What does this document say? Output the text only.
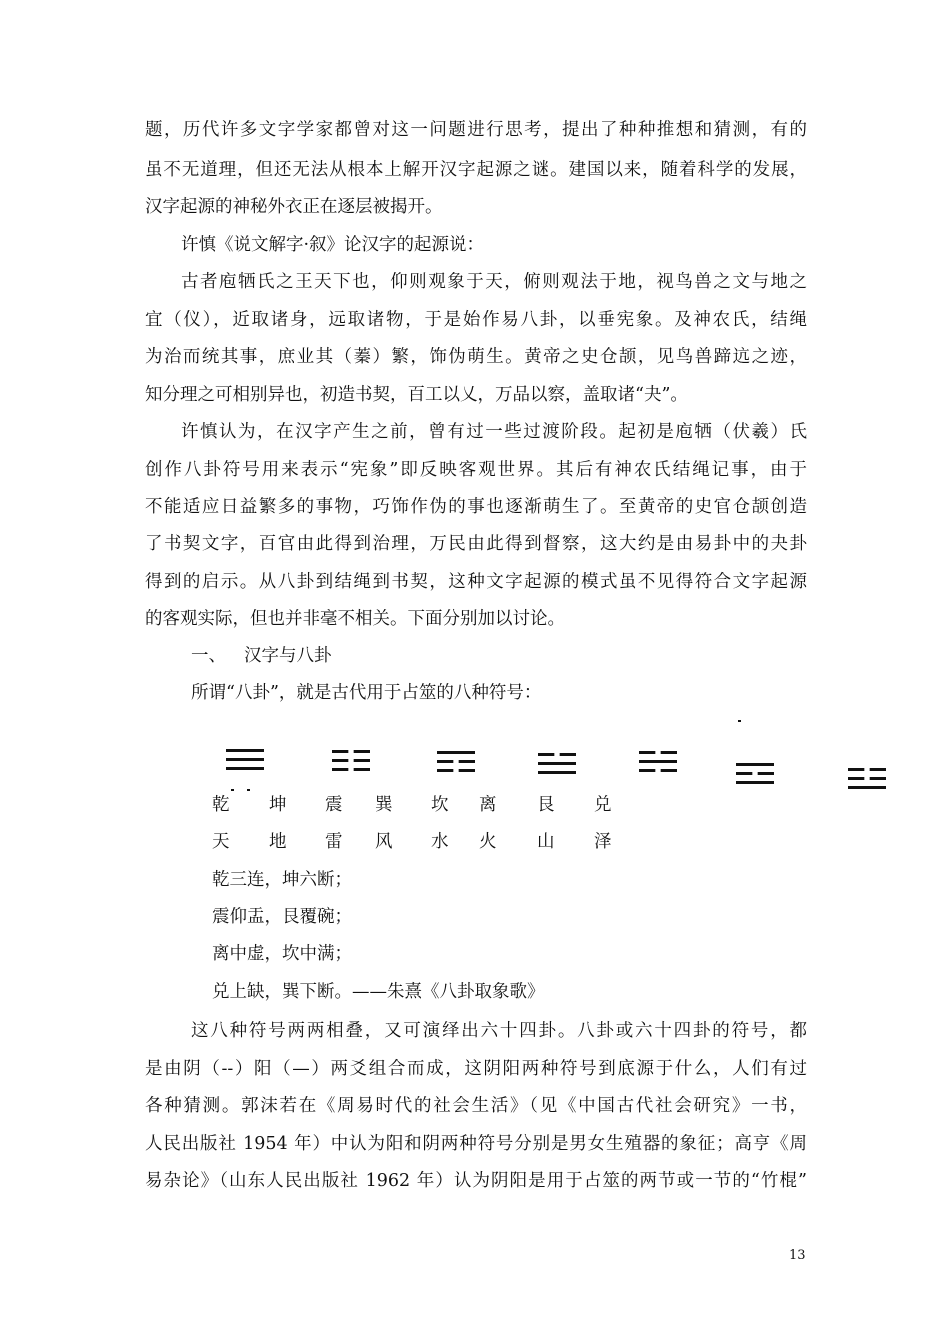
题，历代许多文字学家都曾对这一问题进行思考，提出了种种推想和猜测，有的
虽不无道理，但还无法从根本上解开汉字起源之谜。建国以来，随着科学的发展，
汉字起源的神秘外衣正在逐层被揭开。
许慎《说文解字·叙》论汉字的起源说：
古者庖牺氏之王天下也，仰则观象于天，俯则观法于地，视鸟兽之文与地之
宜（仪），近取诸身，远取诸物，于是始作易八卦，以垂宪象。及神农氏，结绳
为治而统其事，庶业其（蓁）繁，饰伪萌生。黄帝之史仓颉，见鸟兽蹄迒之迹，
知分理之可相别异也，初造书契，百工以乂，万品以察，盖取诸“夬”。
许慎认为，在汉字产生之前，曾有过一些过渡阶段。起初是庖牺（伏羲）氏
创作八卦符号用来表示“宪象”即反映客观世界。其后有神农氏结绳记事，由于
不能适应日益繁多的事物，巧饰作伪的事也逐渐萌生了。至黄帝的史官仓颉创造
了书契文字，百官由此得到治理，万民由此得到督察，这大约是由易卦中的夬卦
得到的启示。从八卦到结绳到书契，这种文字起源的模式虽不见得符合文字起源
的客观实际，但也并非毫不相关。下面分别加以讨论。
一、 汉字与八卦
所谓“八卦”，就是古代用于占筮的八种符号：
乾 坤 震 巽 坎 离 艮 兑
天 地 雷 风 水 火 山 泽
乾三连，坤六断；
震仰盂，艮覆碗；
离中虚，坎中满；
兑上缺，巽下断。——朱熹《八卦取象歌》
这八种符号两两相叠，又可演绎出六十四卦。八卦或六十四卦的符号，都
是由阴（--）阳（—）两爻组合而成，这阴阳两种符号到底源于什么，人们有过
各种猜测。郭沫若在《周易时代的社会生活》（见《中国古代社会研究》一书，
人民出版社 1954 年）中认为阳和阴两种符号分别是男女生殖器的象征；高亨《周
易杂论》（山东人民出版社 1962 年）认为阴阳是用于占筮的两节或一节的“竹棍”
13
